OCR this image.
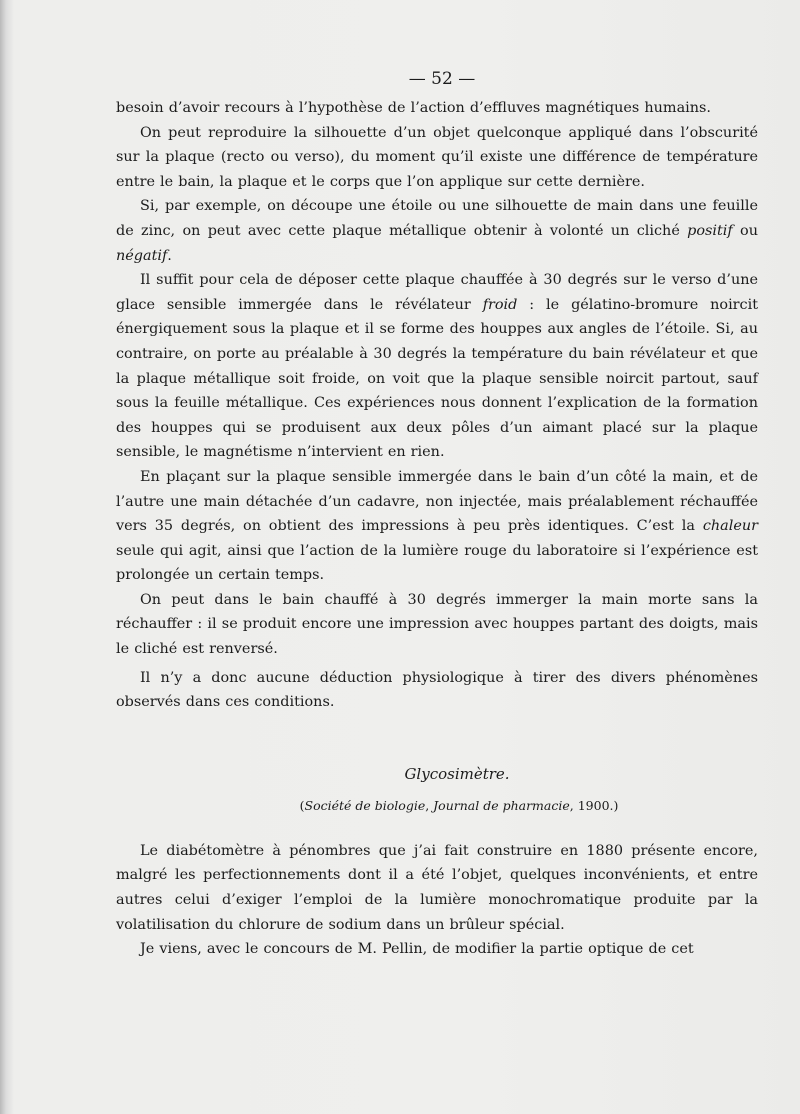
— 52 —

besoin d’avoir recours à l’hypothèse de l’action d’effluves magnétiques humains.

On peut reproduire la silhouette d’un objet quelconque appliqué dans l’obscurité sur la plaque (recto ou verso), du moment qu’il existe une différence de température entre le bain, la plaque et le corps que l’on applique sur cette dernière.

Si, par exemple, on découpe une étoile ou une silhouette de main dans une feuille de zinc, on peut avec cette plaque métallique obtenir à volonté un cliché positif ou négatif.

Il suffit pour cela de déposer cette plaque chauffée à 30 degrés sur le verso d’une glace sensible immergée dans le révélateur froid : le gélatino-bromure noircit énergiquement sous la plaque et il se forme des houppes aux angles de l’étoile. Si, au contraire, on porte au préalable à 30 degrés la température du bain révélateur et que la plaque métallique soit froide, on voit que la plaque sensible noircit partout, sauf sous la feuille métallique. Ces expériences nous donnent l’explication de la formation des houppes qui se produisent aux deux pôles d’un aimant placé sur la plaque sensible, le magnétisme n’intervient en rien.

En plaçant sur la plaque sensible immergée dans le bain d’un côté la main, et de l’autre une main détachée d’un cadavre, non injectée, mais préalablement réchauffée vers 35 degrés, on obtient des impressions à peu près identiques. C’est la chaleur seule qui agit, ainsi que l’action de la lumière rouge du laboratoire si l’expérience est prolongée un certain temps.

On peut dans le bain chauffé à 30 degrés immerger la main morte sans la réchauffer : il se produit encore une impression avec houppes partant des doigts, mais le cliché est renversé.

Il n’y a donc aucune déduction physiologique à tirer des divers phénomènes observés dans ces conditions.

Glycosimètre.
(Société de biologie, Journal de pharmacie, 1900.)

Le diabétomètre à pénombres que j’ai fait construire en 1880 présente encore, malgré les perfectionnements dont il a été l’objet, quelques inconvénients, et entre autres celui d’exiger l’emploi de la lumière monochromatique produite par la volatilisation du chlorure de sodium dans un brûleur spécial.

Je viens, avec le concours de M. Pellin, de modifier la partie optique de cet
